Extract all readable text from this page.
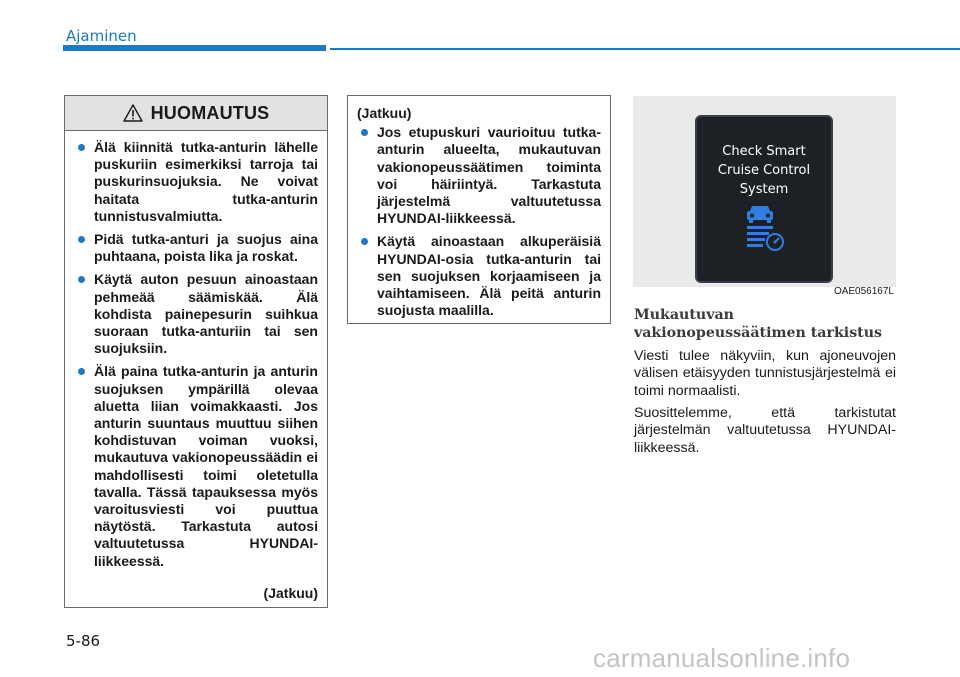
Ajaminen
HUOMAUTUS
Älä kiinnitä tutka-anturin lähelle puskuriin esimerkiksi tarroja tai puskurinsuojuksia. Ne voivat haitata tutka-anturin tunnistusvalmiutta.
Pidä tutka-anturi ja suojus aina puhtaana, poista lika ja roskat.
Käytä auton pesuun ainoastaan pehmeää säämiskää. Älä kohdista painepesurin suihkua suoraan tutka-anturiin tai sen suojuksiin.
Älä paina tutka-anturin ja anturin suojuksen ympärillä olevaa aluetta liian voimakkaasti. Jos anturin suuntaus muuttuu siihen kohdistuvan voiman vuoksi, mukautuva vakionopeussäädin ei mahdollisesti toimi oletetulla tavalla. Tässä tapauksessa myös varoitusviesti voi puuttua näytöstä. Tarkastuta autosi valtuutetussa HYUNDAI-liikkeessä.
(Jatkuu)
(Jatkuu)
Jos etupuskuri vaurioituu tutka-anturin alueelta, mukautuvan vakionopeussäätimen toiminta voi häiriintyä. Tarkastuta järjestelmä valtuutetussa HYUNDAI-liikkeessä.
Käytä ainoastaan alkuperäisiä HYUNDAI-osia tutka-anturin tai sen suojuksen korjaamiseen ja vaihtamiseen. Älä peitä anturin suojusta maalilla.
Check Smart
Cruise Control
System
OAE056167L
Mukautuvan vakionopeussäätimen tarkistus
Viesti tulee näkyviin, kun ajoneuvojen välisen etäisyyden tunnistusjärjestelmä ei toimi normaalisti.
Suosittelemme, että tarkistutat järjestelmän valtuutetussa HYUNDAI-liikkeessä.
5-86
carmanualsonline.info
